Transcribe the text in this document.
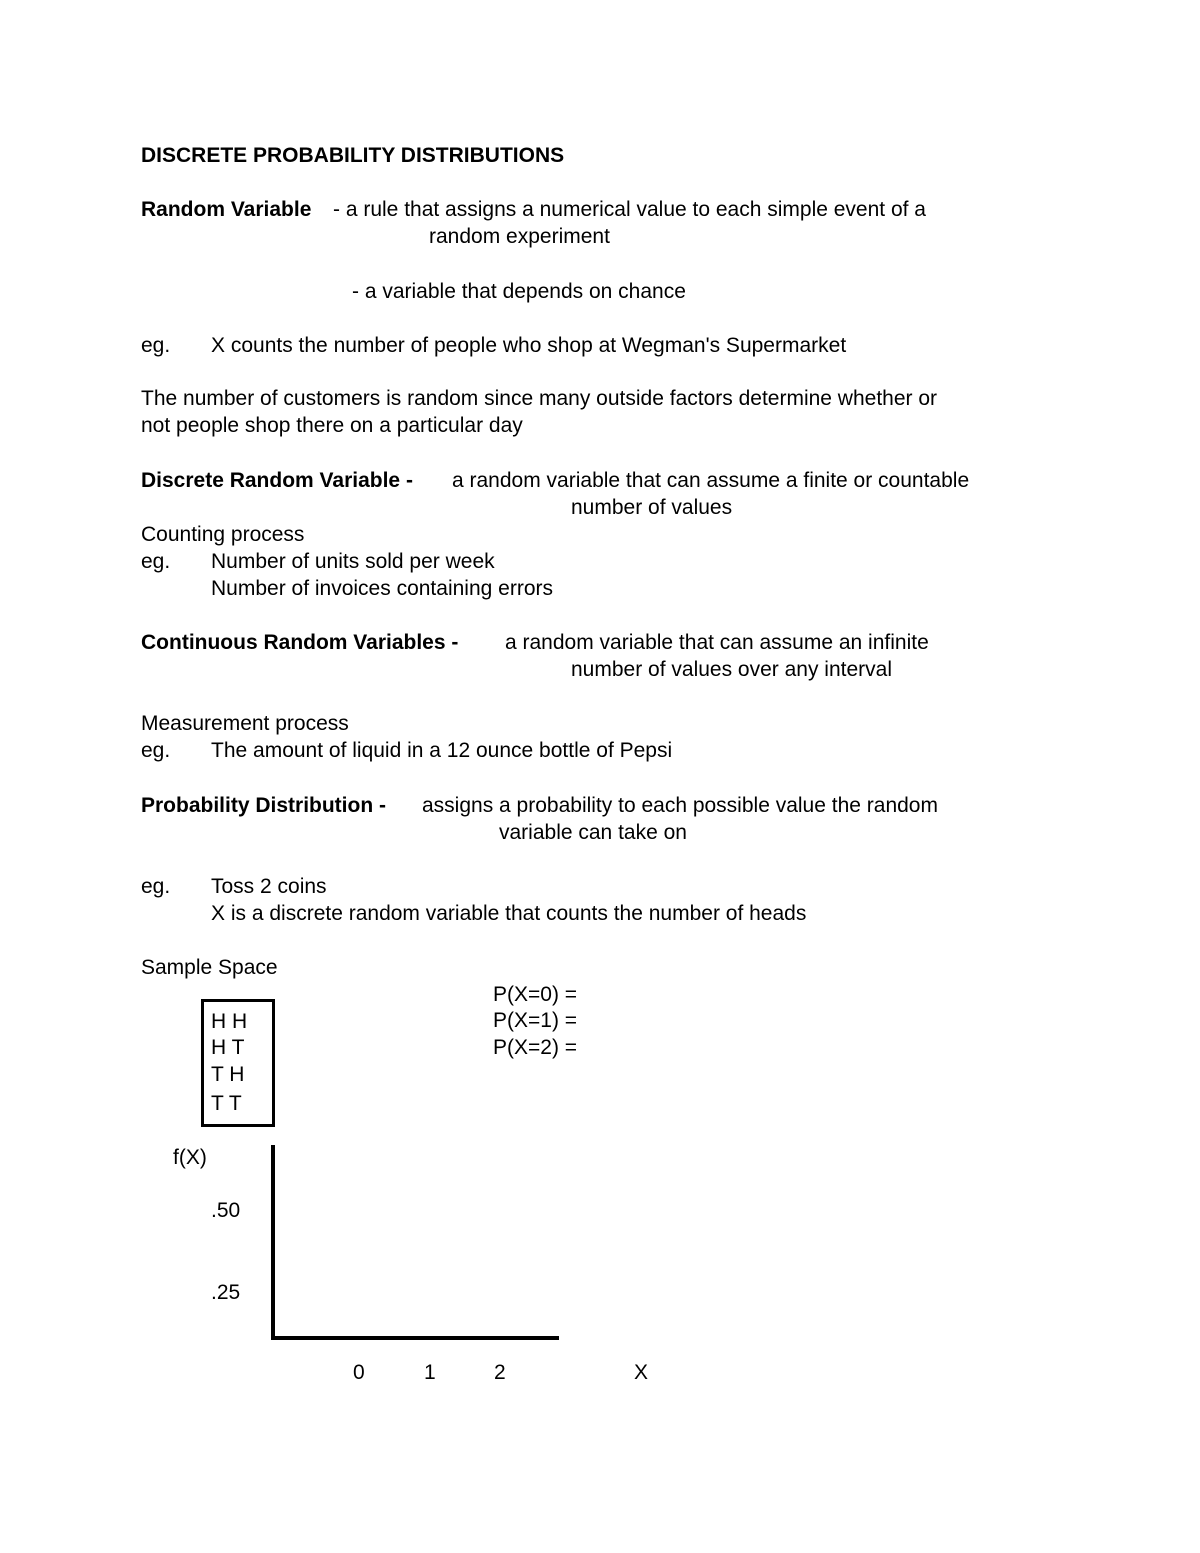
DISCRETE PROBABILITY DISTRIBUTIONS
Random Variable - a rule that assigns a numerical value to each simple event of a
random experiment
- a variable that depends on chance
eg. X counts the number of people who shop at Wegman's Supermarket
The number of customers is random since many outside factors determine whether or
not people shop there on a particular day
Discrete Random Variable - a random variable that can assume a finite or countable
number of values
Counting process
eg. Number of units sold per week
Number of invoices containing errors
Continuous Random Variables - a random variable that can assume an infinite
number of values over any interval
Measurement process
eg. The amount of liquid in a 12 ounce bottle of Pepsi
Probability Distribution - assigns a probability to each possible value the random
variable can take on
eg. Toss 2 coins
X is a discrete random variable that counts the number of heads
Sample Space
H H
H T
T H
T T
P(X=0) =
P(X=1) =
P(X=2) =
f(X)
.50
.25
0	1	2	X
